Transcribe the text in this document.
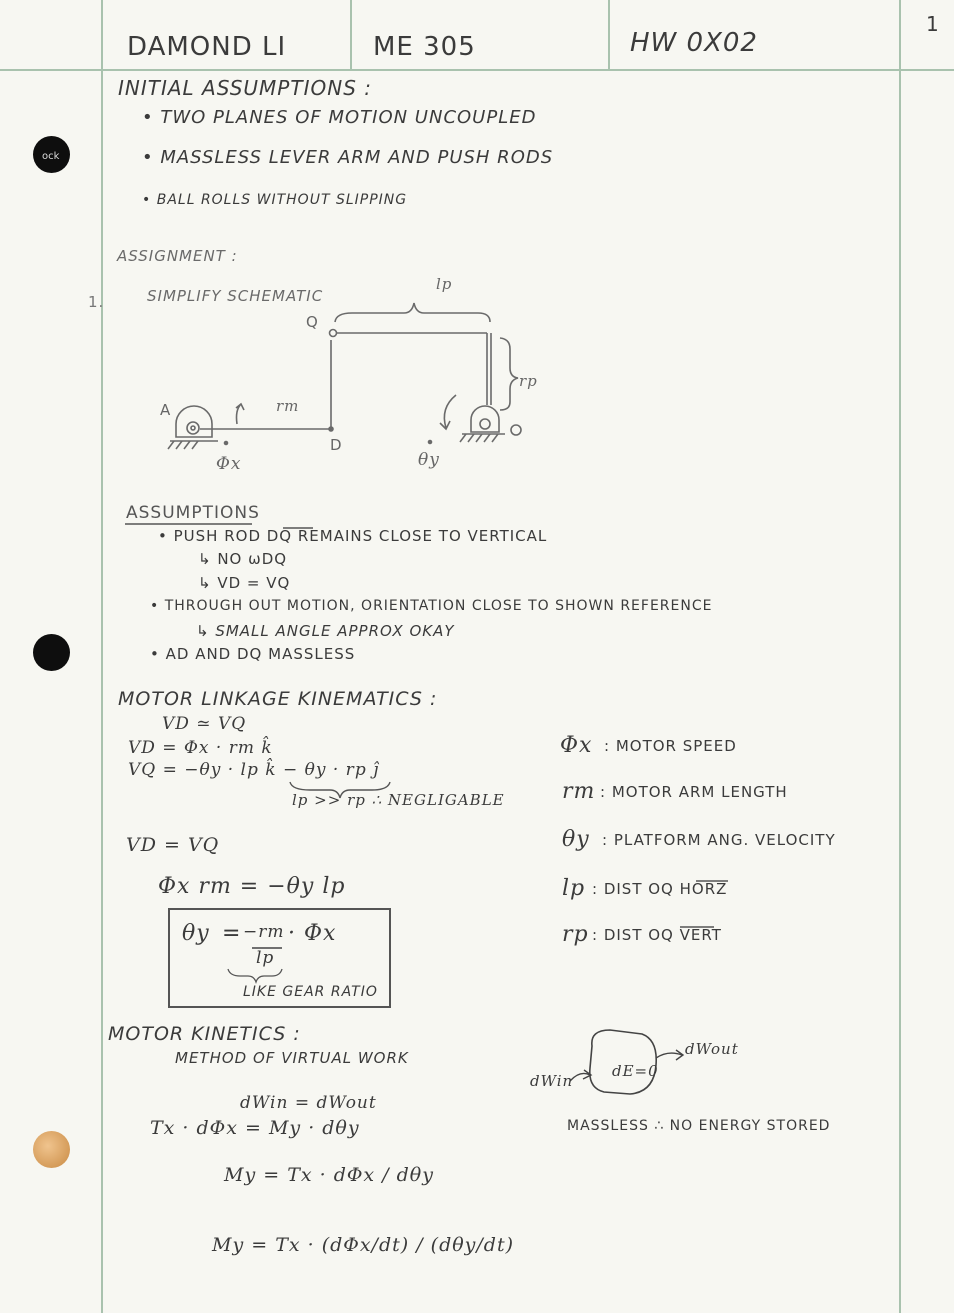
ock
DAMOND LI	ME 305	HW 0X02
1
INITIAL ASSUMPTIONS :
• TWO PLANES OF MOTION UNCOUPLED
• MASSLESS LEVER ARM AND PUSH RODS
• BALL ROLLS WITHOUT SLIPPING
ASSIGNMENT :
1.	SIMPLIFY SCHEMATIC
Q
A
D
rm
lp
rp
Φx	θy
ASSUMPTIONS
• PUSH ROD DQ REMAINS CLOSE TO VERTICAL
↳ NO ωDQ
↳ VD = VQ
• THROUGH OUT MOTION, ORIENTATION CLOSE TO SHOWN REFERENCE
↳ SMALL ANGLE APPROX OKAY
• AD AND DQ MASSLESS
MOTOR LINKAGE KINEMATICS :
VD ≃ VQ
VD = Φx · rm k̂
VQ = −θy · lp k̂ − θy · rp ĵ
lp >> rp ∴ NEGLIGABLE
VD = VQ
Φx rm = −θy lp
θy = −rm
lp
· Φx
LIKE GEAR RATIO
Φx : MOTOR SPEED
rm : MOTOR ARM LENGTH
θy : PLATFORM ANG. VELOCITY
lp : DIST OQ HORZ
rp : DIST OQ VERT
MOTOR KINETICS :
METHOD OF VIRTUAL WORK
dWin = dWout
Tx · dΦx = My · dθy
My = Tx · dΦx / dθy
My = Tx · (dΦx/dt) / (dθy/dt)
dWin
dE=0
dWout
MASSLESS ∴ NO ENERGY STORED
